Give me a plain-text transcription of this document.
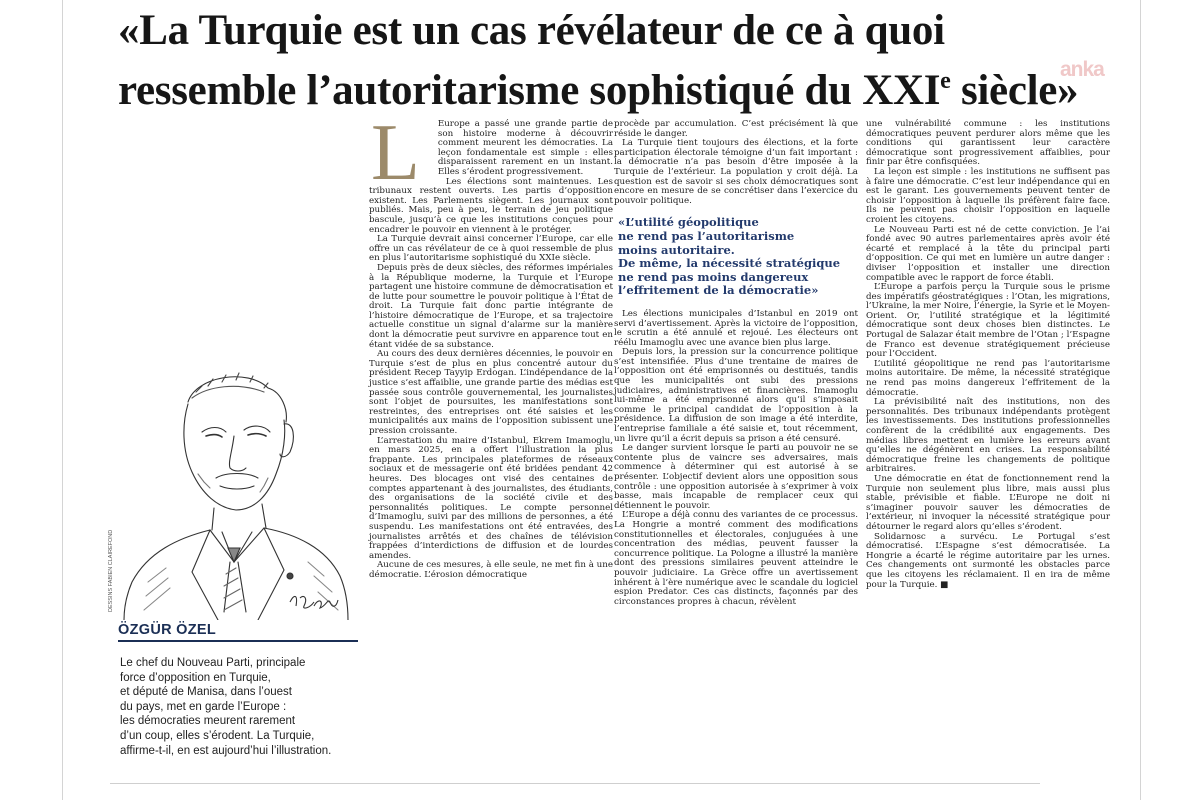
«La Turquie est un cas révélateur de ce à quoi
ressemble l’autoritarisme sophistiqué du XXIe siècle»
anka
DESSINS FABIEN CLAIREFOND
ÖZGÜR ÖZEL
Le chef du Nouveau Parti, principale
force d’opposition en Turquie,
et député de Manisa, dans l’ouest
du pays, met en garde l’Europe :
les démocraties meurent rarement
d’un coup, elles s’érodent. La Turquie,
affirme-t-il, en est aujourd’hui l’illustration.
L	Europe a passé une grande partie de son histoire moderne à découvrir comment meurent les démocraties. La leçon fondamentale est simple : elles disparaissent rarement en un instant. Elles s’érodent progressivement.

Les élections sont maintenues. Les tribunaux restent ouverts. Les partis d’opposition existent. Les Parlements siègent. Les journaux sont publiés. Mais, peu à peu, le terrain de jeu politique bascule, jusqu’à ce que les institutions conçues pour encadrer le pouvoir en viennent à le protéger.

La Turquie devrait ainsi concerner l’Europe, car elle offre un cas révélateur de ce à quoi ressemble de plus en plus l’autoritarisme sophistiqué du XXIe siècle.

Depuis près de deux siècles, des réformes impériales à la République moderne, la Turquie et l’Europe partagent une histoire commune de démocratisation et de lutte pour soumettre le pouvoir politique à l’État de droit. La Turquie fait donc partie intégrante de l’histoire démocratique de l’Europe, et sa trajectoire actuelle constitue un signal d’alarme sur la manière dont la démocratie peut survivre en apparence tout en étant vidée de sa substance.

Au cours des deux dernières décennies, le pouvoir en Turquie s’est de plus en plus concentré autour du président Recep Tayyip Erdogan. L’indépendance de la justice s’est affaiblie, une grande partie des médias est passée sous contrôle gouvernemental, les journalistes sont l’objet de poursuites, les manifestations sont restreintes, des entreprises ont été saisies et les municipalités aux mains de l’opposition subissent une pression croissante.

L’arrestation du maire d’Istanbul, Ekrem Imamoglu, en mars 2025, en a offert l’illustration la plus frappante. Les principales plateformes de réseaux sociaux et de messagerie ont été bridées pendant 42 heures. Des blocages ont visé des centaines de comptes appartenant à des journalistes, des étudiants, des organisations de la société civile et des personnalités politiques. Le compte personnel d’Imamoglu, suivi par des millions de personnes, a été suspendu. Les manifestations ont été entravées, des journalistes arrêtés et des chaînes de télévision frappées d’interdictions de diffusion et de lourdes amendes.

Aucune de ces mesures, à elle seule, ne met fin à une démocratie. L’érosion démocratique

procède par accumulation. C’est précisément là que réside le danger.

La Turquie tient toujours des élections, et la forte participation électorale témoigne d’un fait important : la démocratie n’a pas besoin d’être imposée à la Turquie de l’extérieur. La population y croit déjà. La question est de savoir si ses choix démocratiques sont encore en mesure de se concrétiser dans l’exercice du pouvoir politique.

«L’utilité géopolitique
ne rend pas l’autoritarisme
moins autoritaire.
De même, la nécessité stratégique
ne rend pas moins dangereux
l’effritement de la démocratie»

Les élections municipales d’Istanbul en 2019 ont servi d’avertissement. Après la victoire de l’opposition, le scrutin a été annulé et rejoué. Les électeurs ont réélu Imamoglu avec une avance bien plus large.

Depuis lors, la pression sur la concurrence politique s’est intensifiée. Plus d’une trentaine de maires de l’opposition ont été emprisonnés ou destitués, tandis que les municipalités ont subi des pressions judiciaires, administratives et financières. Imamoglu lui-même a été emprisonné alors qu’il s’imposait comme le principal candidat de l’opposition à la présidence. La diffusion de son image a été interdite, l’entreprise familiale a été saisie et, tout récemment, un livre qu’il a écrit depuis sa prison a été censuré.

Le danger survient lorsque le parti au pouvoir ne se contente plus de vaincre ses adversaires, mais commence à déterminer qui est autorisé à se présenter. L’objectif devient alors une opposition sous contrôle : une opposition autorisée à s’exprimer à voix basse, mais incapable de remplacer ceux qui détiennent le pouvoir.

L’Europe a déjà connu des variantes de ce processus. La Hongrie a montré comment des modifications constitutionnelles et électorales, conjuguées à une concentration des médias, peuvent fausser la concurrence politique. La Pologne a illustré la manière dont des pressions similaires peuvent atteindre le pouvoir judiciaire. La Grèce offre un avertissement inhérent à l’ère numérique avec le scandale du logiciel espion Predator. Ces cas distincts, façonnés par des circonstances propres à chacun, révèlent

une vulnérabilité commune : les institutions démocratiques peuvent perdurer alors même que les conditions qui garantissent leur caractère démocratique sont progressivement affaiblies, pour finir par être confisquées.

La leçon est simple : les institutions ne suffisent pas à faire une démocratie. C’est leur indépendance qui en est le garant. Les gouvernements peuvent tenter de choisir l’opposition à laquelle ils préfèrent faire face. Ils ne peuvent pas choisir l’opposition en laquelle croient les citoyens.

Le Nouveau Parti est né de cette conviction. Je l’ai fondé avec 90 autres parlementaires après avoir été écarté et remplacé à la tête du principal parti d’opposition. Ce qui met en lumière un autre danger : diviser l’opposition et installer une direction compatible avec le rapport de force établi.

L’Europe a parfois perçu la Turquie sous le prisme des impératifs géostratégiques : l’Otan, les migrations, l’Ukraine, la mer Noire, l’énergie, la Syrie et le Moyen-Orient. Or, l’utilité stratégique et la légitimité démocratique sont deux choses bien distinctes. Le Portugal de Salazar était membre de l’Otan ; l’Espagne de Franco est devenue stratégiquement précieuse pour l’Occident.

L’utilité géopolitique ne rend pas l’autoritarisme moins autoritaire. De même, la nécessité stratégique ne rend pas moins dangereux l’effritement de la démocratie.

La prévisibilité naît des institutions, non des personnalités. Des tribunaux indépendants protègent les investissements. Des institutions professionnelles confèrent de la crédibilité aux engagements. Des médias libres mettent en lumière les erreurs avant qu’elles ne dégénèrent en crises. La responsabilité démocratique freine les changements de politique arbitraires.

Une démocratie en état de fonctionnement rend la Turquie non seulement plus libre, mais aussi plus stable, prévisible et fiable. L’Europe ne doit ni s’imaginer pouvoir sauver les démocraties de l’extérieur, ni invoquer la nécessité stratégique pour détourner le regard alors qu’elles s’érodent.

Solidarnosc a survécu. Le Portugal s’est démocratisé. L’Espagne s’est démocratisée. La Hongrie a écarté le régime autoritaire par les urnes. Ces changements ont surmonté les obstacles parce que les citoyens les réclamaient. Il en ira de même pour la Turquie. ■
